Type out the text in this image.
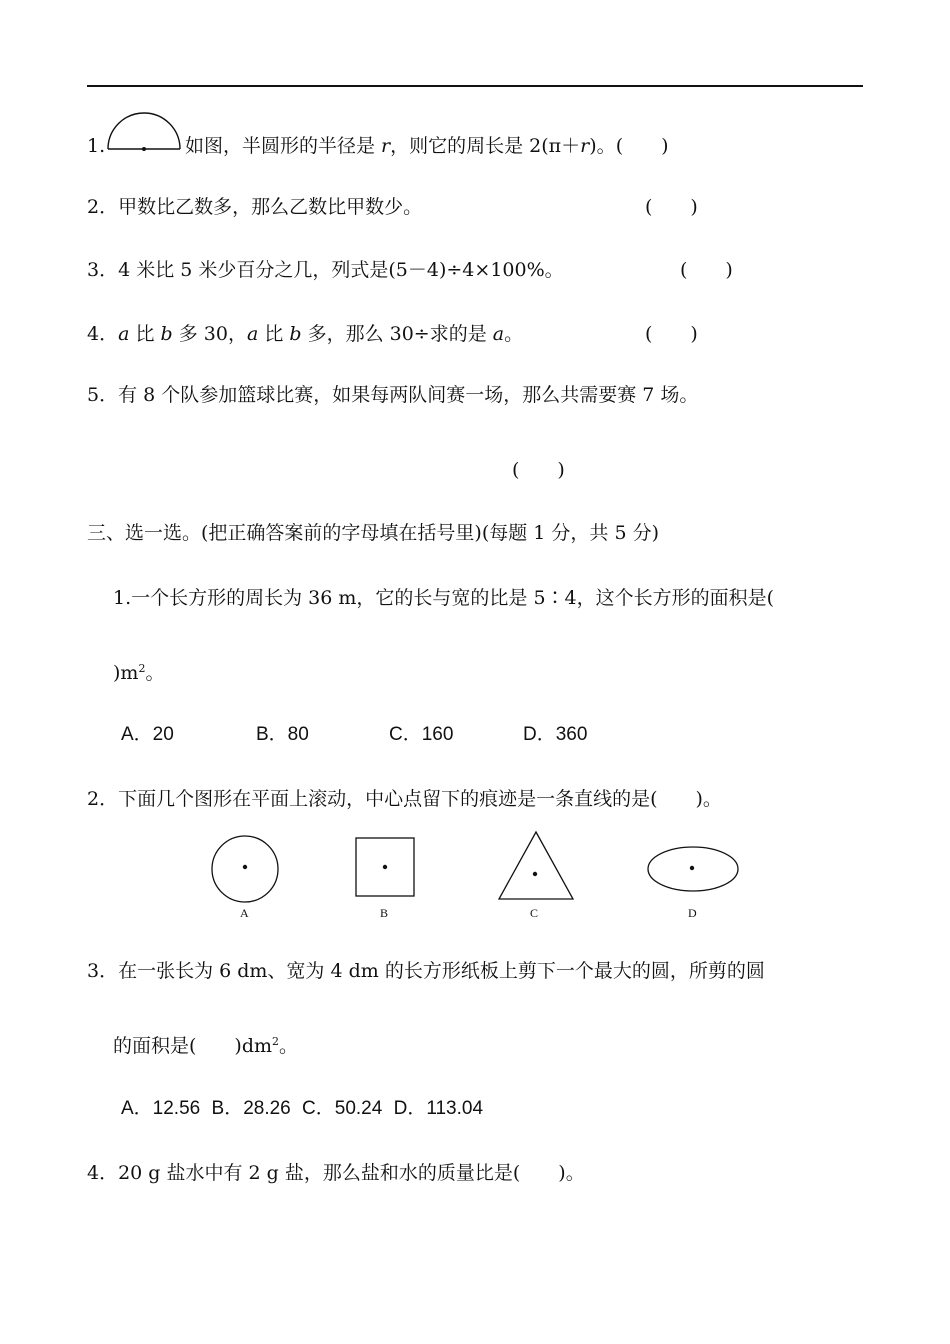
1.	如图，半圆形的半径是 r，则它的周长是 2(π＋r)。(　　)
2．甲数比乙数多，那么乙数比甲数少。	(　　)
3．4 米比 5 米少百分之几，列式是(5－4)÷4×100%。	(　　)
4．a 比 b 多 30，a 比 b 多，那么 30÷求的是 a。	(　　)
5．有 8 个队参加篮球比赛，如果每两队间赛一场，那么共需要赛 7 场。
(　　)
三、选一选。(把正确答案前的字母填在括号里)(每题 1 分，共 5 分)
1.一个长方形的周长为 36 m，它的长与宽的比是 5∶4，这个长方形的面积是(
)$m^2$。
A．20	B．80	C．160	D．360
2．下面几个图形在平面上滚动，中心点留下的痕迹是一条直线的是(　　)。
A	B	C	D
3．在一张长为 6 dm、宽为 4 dm 的长方形纸板上剪下一个最大的圆，所剪的圆
的面积是(　　)$dm^2$。
A．12.56 B．28.26 C．50.24 D．113.04
4．20 g 盐水中有 2 g 盐，那么盐和水的质量比是(　　)。
